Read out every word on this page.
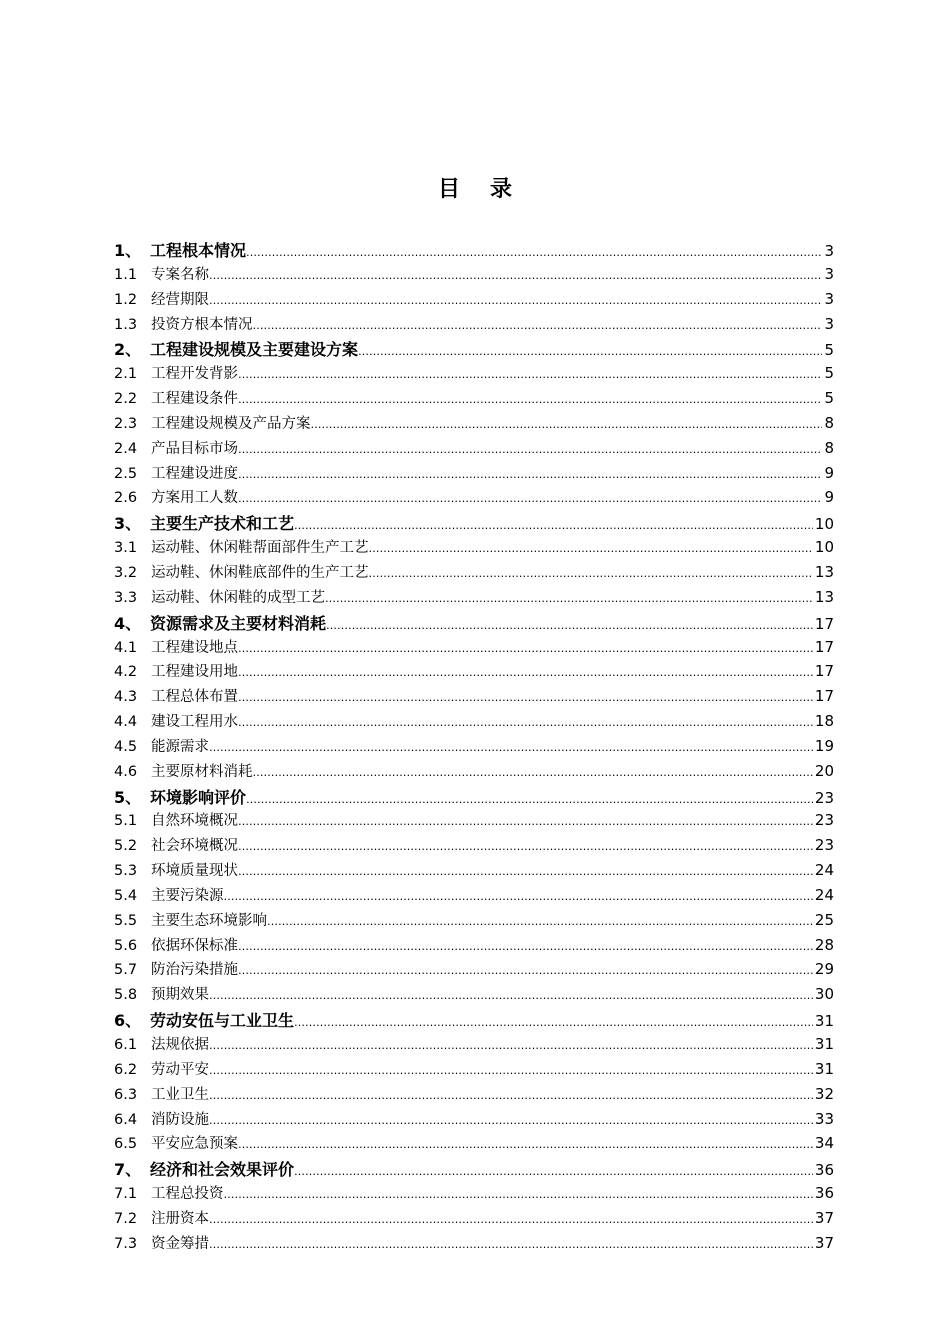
目 录
1、 工程根本情况 ……………………………………………………………………………………………………………………………………………………………………………………………………………………	3
1.1 专案名称 ……………………………………………………………………………………………………………………………………………………………………………………………………………………	3
1.2 经营期限 ……………………………………………………………………………………………………………………………………………………………………………………………………………………	3
1.3 投资方根本情况 ……………………………………………………………………………………………………………………………………………………………………………………………………………………	3
2、 工程建设规模及主要建设方案 ……………………………………………………………………………………………………………………………………………………………………………………………………………………	5
2.1 工程开发背影 ……………………………………………………………………………………………………………………………………………………………………………………………………………………	5
2.2 工程建设条件 ……………………………………………………………………………………………………………………………………………………………………………………………………………………	5
2.3 工程建设规模及产品方案 ……………………………………………………………………………………………………………………………………………………………………………………………………………………	8
2.4 产品目标市场 ……………………………………………………………………………………………………………………………………………………………………………………………………………………	8
2.5 工程建设进度 ……………………………………………………………………………………………………………………………………………………………………………………………………………………	9
2.6 方案用工人数 ……………………………………………………………………………………………………………………………………………………………………………………………………………………	9
3、 主要生产技术和工艺 ……………………………………………………………………………………………………………………………………………………………………………………………………………………	10
3.1 运动鞋、休闲鞋帮面部件生产工艺 ……………………………………………………………………………………………………………………………………………………………………………………………………………………	10
3.2 运动鞋、休闲鞋底部件的生产工艺 ……………………………………………………………………………………………………………………………………………………………………………………………………………………	13
3.3 运动鞋、休闲鞋的成型工艺 ……………………………………………………………………………………………………………………………………………………………………………………………………………………	13
4、 资源需求及主要材料消耗 ……………………………………………………………………………………………………………………………………………………………………………………………………………………	17
4.1 工程建设地点 ……………………………………………………………………………………………………………………………………………………………………………………………………………………	17
4.2 工程建设用地 ……………………………………………………………………………………………………………………………………………………………………………………………………………………	17
4.3 工程总体布置 ……………………………………………………………………………………………………………………………………………………………………………………………………………………	17
4.4 建设工程用水 ……………………………………………………………………………………………………………………………………………………………………………………………………………………	18
4.5 能源需求 ……………………………………………………………………………………………………………………………………………………………………………………………………………………	19
4.6 主要原材料消耗 ……………………………………………………………………………………………………………………………………………………………………………………………………………………	20
5、 环境影响评价 ……………………………………………………………………………………………………………………………………………………………………………………………………………………	23
5.1 自然环境概况 ……………………………………………………………………………………………………………………………………………………………………………………………………………………	23
5.2 社会环境概况 ……………………………………………………………………………………………………………………………………………………………………………………………………………………	23
5.3 环境质量现状 ……………………………………………………………………………………………………………………………………………………………………………………………………………………	24
5.4 主要污染源 ……………………………………………………………………………………………………………………………………………………………………………………………………………………	24
5.5 主要生态环境影响 ……………………………………………………………………………………………………………………………………………………………………………………………………………………	25
5.6 依据环保标准 ……………………………………………………………………………………………………………………………………………………………………………………………………………………	28
5.7 防治污染措施 ……………………………………………………………………………………………………………………………………………………………………………………………………………………	29
5.8 预期效果 ……………………………………………………………………………………………………………………………………………………………………………………………………………………	30
6、 劳动安伍与工业卫生 ……………………………………………………………………………………………………………………………………………………………………………………………………………………	31
6.1 法规依据 ……………………………………………………………………………………………………………………………………………………………………………………………………………………	31
6.2 劳动平安 ……………………………………………………………………………………………………………………………………………………………………………………………………………………	31
6.3 工业卫生 ……………………………………………………………………………………………………………………………………………………………………………………………………………………	32
6.4 消防设施 ……………………………………………………………………………………………………………………………………………………………………………………………………………………	33
6.5 平安应急预案 ……………………………………………………………………………………………………………………………………………………………………………………………………………………	34
7、 经济和社会效果评价 ……………………………………………………………………………………………………………………………………………………………………………………………………………………	36
7.1 工程总投资 ……………………………………………………………………………………………………………………………………………………………………………………………………………………	36
7.2 注册资本 ……………………………………………………………………………………………………………………………………………………………………………………………………………………	37
7.3 资金筹措 ……………………………………………………………………………………………………………………………………………………………………………………………………………………	37
